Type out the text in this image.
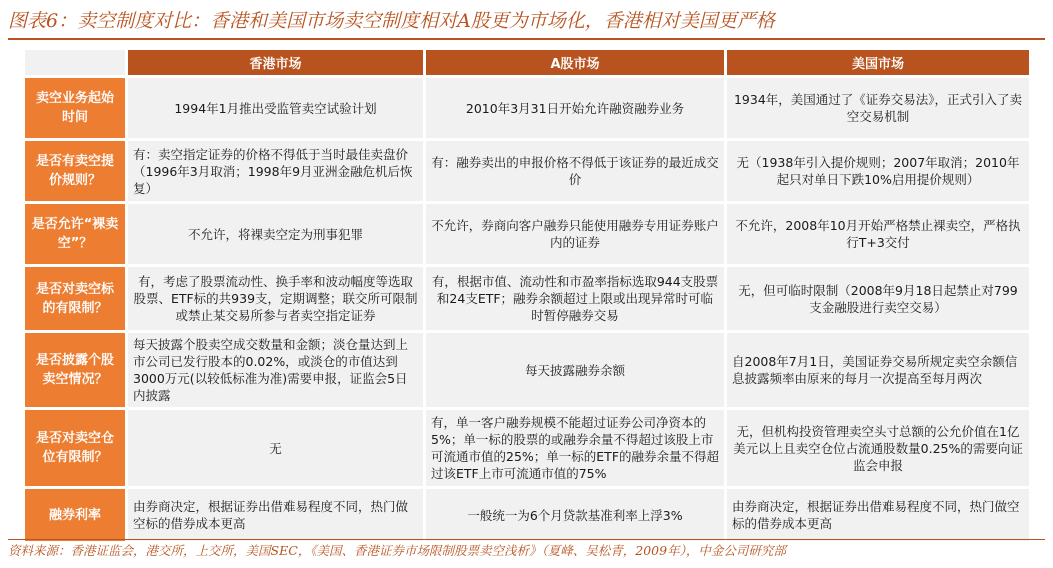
图表6：卖空制度对比：香港和美国市场卖空制度相对A股更为市场化，香港相对美国更严格
	香港市场	A股市场	美国市场
卖空业务起始时间	1994年1月推出受监管卖空试验计划	2010年3月31日开始允许融资融券业务	1934年，美国通过了《证券交易法》，正式引入了卖空交易机制
是否有卖空提价规则？	有：卖空指定证券的价格不得低于当时最佳卖盘价（1996年3月取消；1998年9月亚洲金融危机后恢复）	有：融券卖出的申报价格不得低于该证券的最近成交价	无（1938年引入提价规则；2007年取消；2010年起只对单日下跌10%启用提价规则）
是否允许“裸卖空”？	不允许，将裸卖空定为刑事犯罪	不允许，券商向客户融券只能使用融券专用证券账户内的证券	不允许，2008年10月开始严格禁止裸卖空，严格执行T+3交付
是否对卖空标的有限制？	有，考虑了股票流动性、换手率和波动幅度等选取股票、ETF标的共939支，定期调整；联交所可限制或禁止某交易所参与者卖空指定证券	有，根据市值、流动性和市盈率指标选取944支股票和24支ETF；融券余额超过上限或出现异常时可临时暂停融券交易	无，但可临时限制（2008年9月18日起禁止对799支金融股进行卖空交易）
是否披露个股卖空情况？	每天披露个股卖空成交数量和金额；淡仓量达到上市公司已发行股本的0.02%，或淡仓的市值达到3000万元(以较低标准为准)需要申报，证监会5日内披露	每天披露融券余额	自2008年7月1日，美国证券交易所规定卖空余额信息披露频率由原来的每月一次提高至每月两次
是否对卖空仓位有限制？	无	有，单一客户融券规模不能超过证券公司净资本的5%；单一标的股票的或融券余量不得超过该股上市可流通市值的25%；单一标的ETF的融券余量不得超过该ETF上市可流通市值的75%	无，但机构投资管理卖空头寸总额的公允价值在1亿美元以上且卖空仓位占流通股数量0.25%的需要向证监会申报
融券利率	由券商决定，根据证券出借难易程度不同，热门做空标的借券成本更高	一般统一为6个月贷款基准利率上浮3%	由券商决定，根据证券出借难易程度不同，热门做空标的借券成本更高
资料来源：香港证监会，港交所，上交所，美国SEC，《美国、香港证券市场限制股票卖空浅析》（夏峰、吴松青，2009年），中金公司研究部
